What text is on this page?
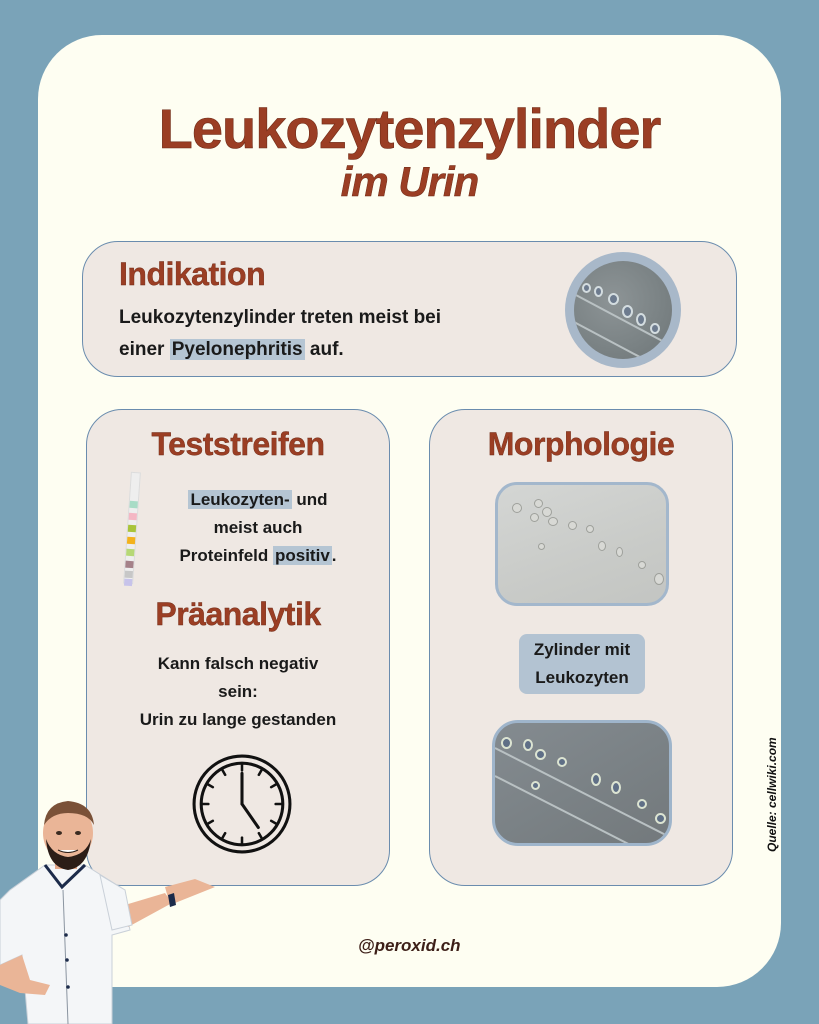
Leukozytenzylinder
im Urin
Indikation
Leukozytenzylinder treten meist bei
einer Pyelonephritis auf.
Teststreifen
Leukozyten- und
meist auch
Proteinfeld positiv .
Präanalytik
Kann falsch negativ
sein:
Urin zu lange gestanden
Morphologie
Zylinder mit
Leukozyten
Quelle: cellwiki.com
@peroxid.ch
